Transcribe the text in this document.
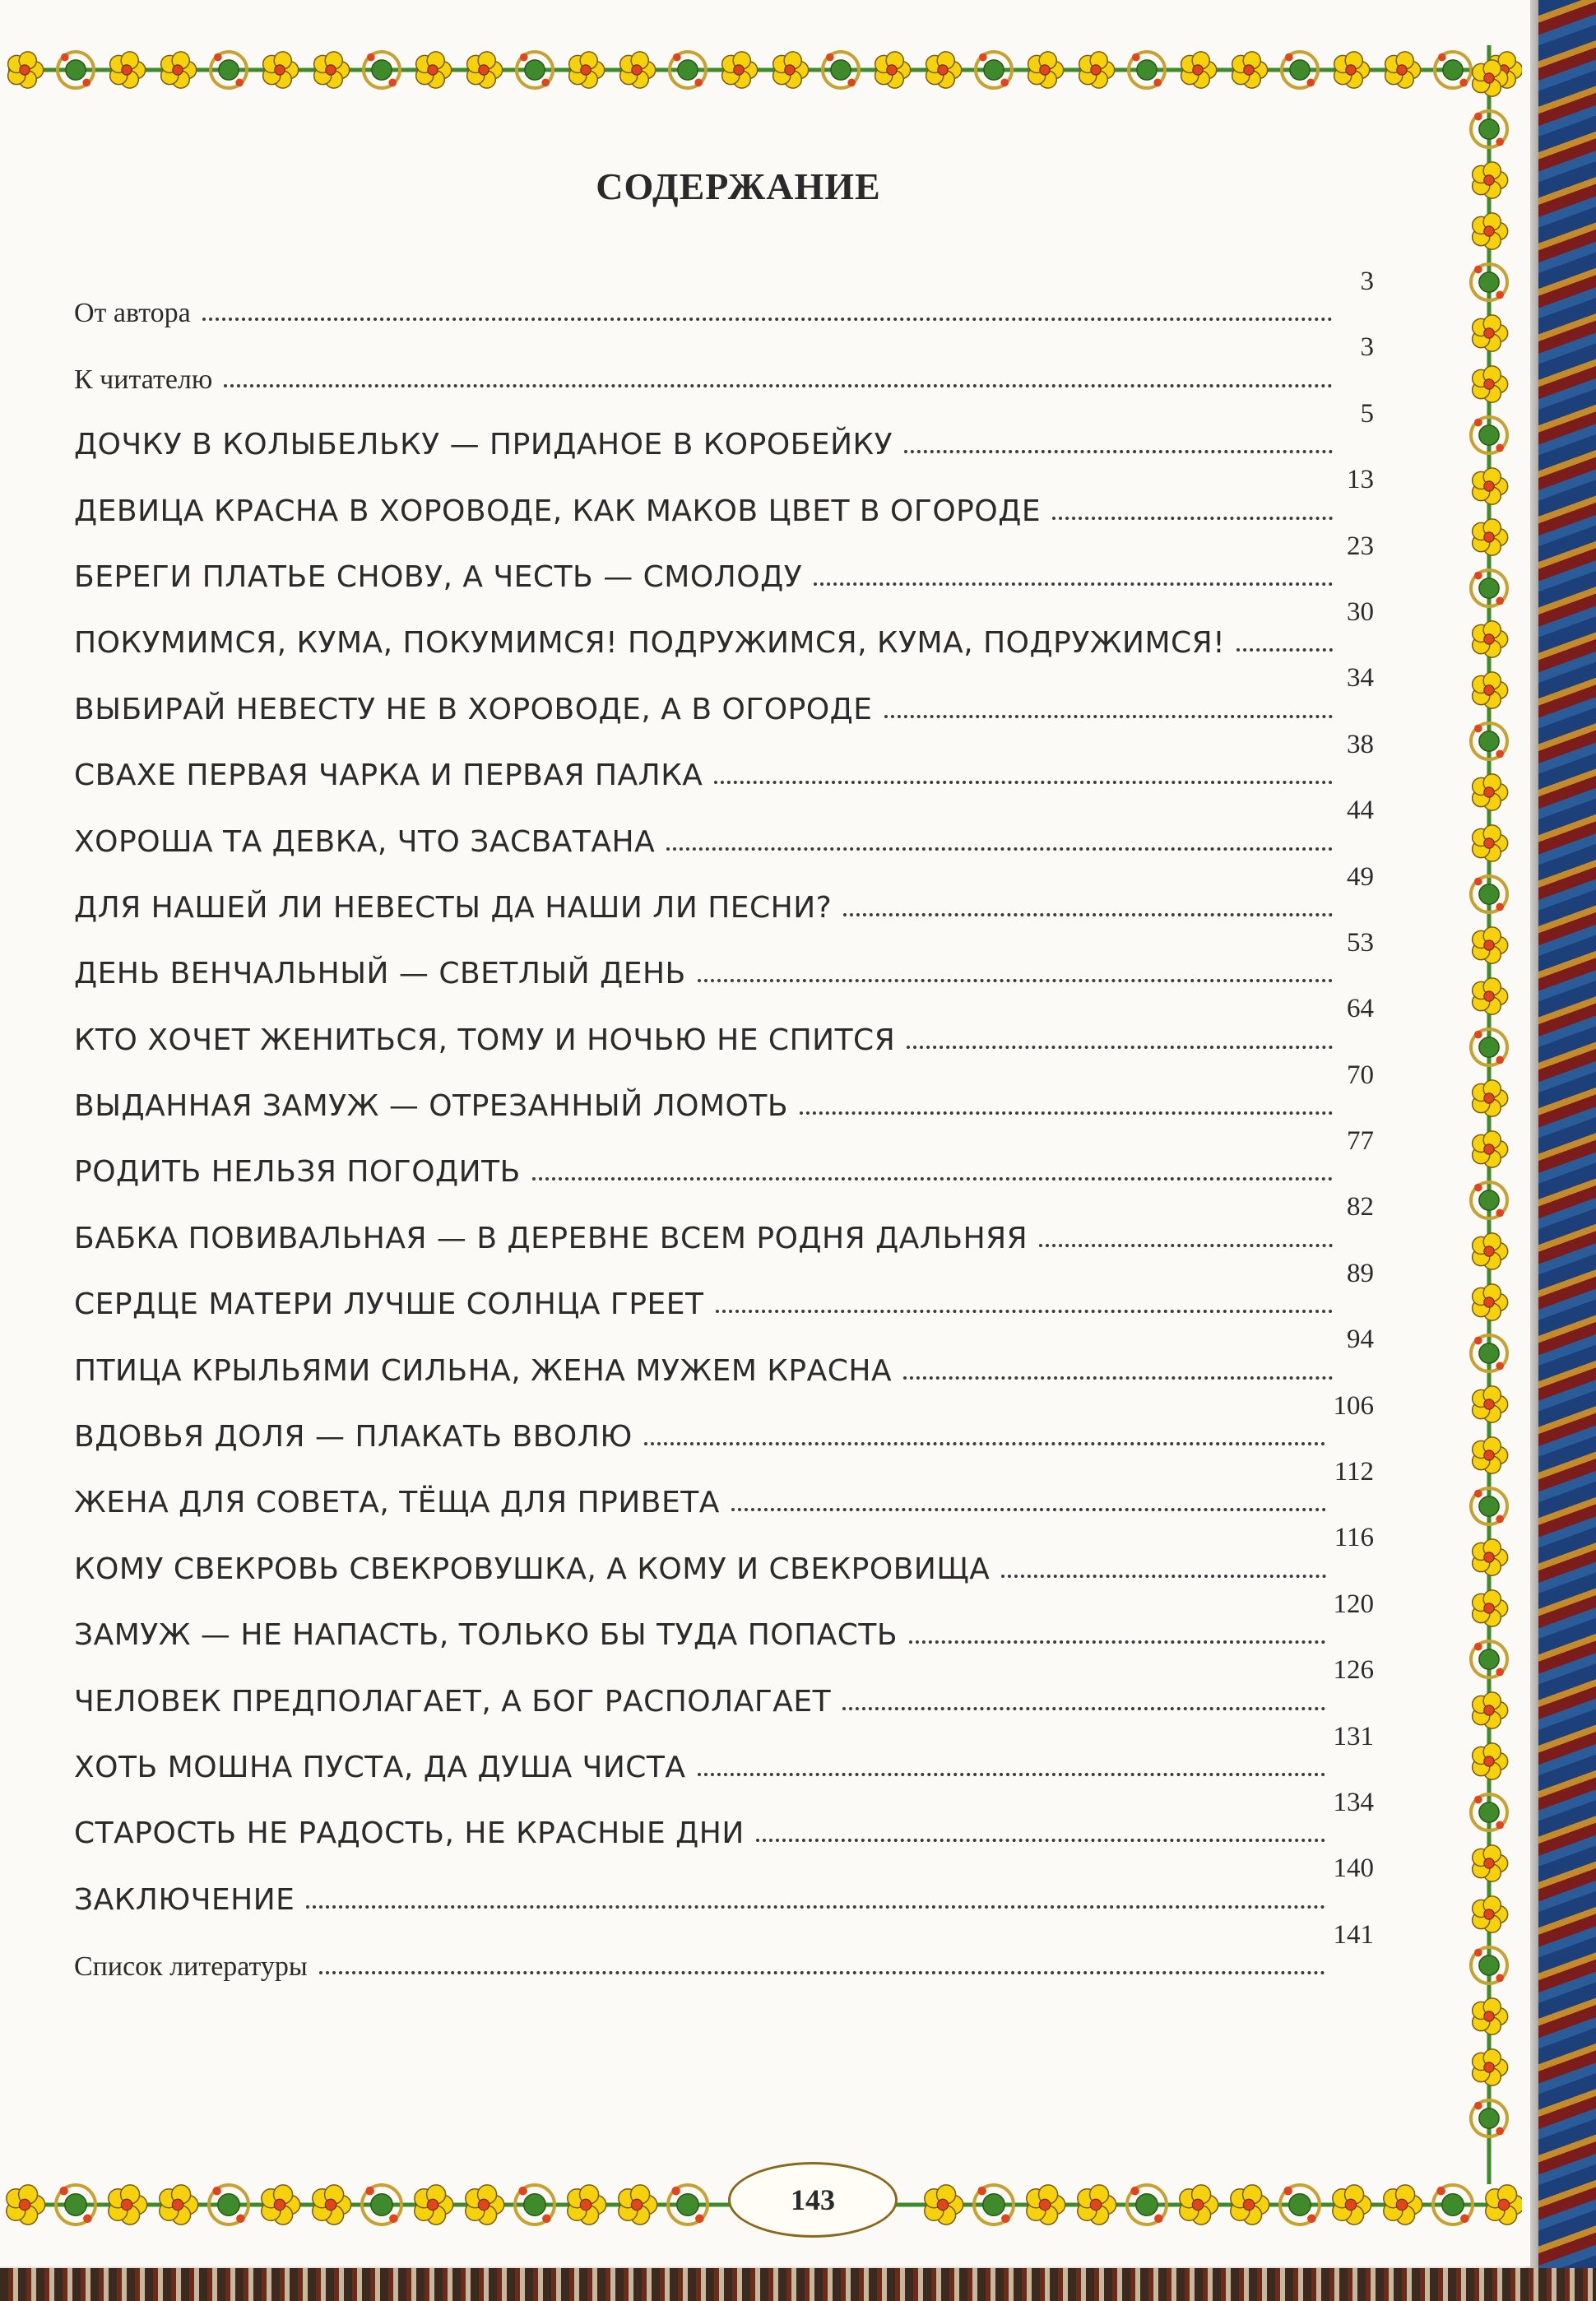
СОДЕРЖАНИЕ
От автора
3
К читателю
3
ДОЧКУ В КОЛЫБЕЛЬКУ — ПРИДАНОЕ В КОРОБЕЙКУ
5
ДЕВИЦА КРАСНА В ХОРОВОДЕ, КАК МАКОВ ЦВЕТ В ОГОРОДЕ
13
БЕРЕГИ ПЛАТЬЕ СНОВУ, А ЧЕСТЬ — СМОЛОДУ
23
ПОКУМИМСЯ, КУМА, ПОКУМИМСЯ! ПОДРУЖИМСЯ, КУМА, ПОДРУЖИМСЯ!
30
ВЫБИРАЙ НЕВЕСТУ НЕ В ХОРОВОДЕ, А В ОГОРОДЕ
34
СВАХЕ ПЕРВАЯ ЧАРКА И ПЕРВАЯ ПАЛКА
38
ХОРОША ТА ДЕВКА, ЧТО ЗАСВАТАНА
44
ДЛЯ НАШЕЙ ЛИ НЕВЕСТЫ ДА НАШИ ЛИ ПЕСНИ?
49
ДЕНЬ ВЕНЧАЛЬНЫЙ — СВЕТЛЫЙ ДЕНЬ
53
КТО ХОЧЕТ ЖЕНИТЬСЯ, ТОМУ И НОЧЬЮ НЕ СПИТСЯ
64
ВЫДАННАЯ ЗАМУЖ — ОТРЕЗАННЫЙ ЛОМОТЬ
70
РОДИТЬ НЕЛЬЗЯ ПОГОДИТЬ
77
БАБКА ПОВИВАЛЬНАЯ — В ДЕРЕВНЕ ВСЕМ РОДНЯ ДАЛЬНЯЯ
82
СЕРДЦЕ МАТЕРИ ЛУЧШЕ СОЛНЦА ГРЕЕТ
89
ПТИЦА КРЫЛЬЯМИ СИЛЬНА, ЖЕНА МУЖЕМ КРАСНА
94
ВДОВЬЯ ДОЛЯ — ПЛАКАТЬ ВВОЛЮ
106
ЖЕНА ДЛЯ СОВЕТА, ТЁЩА ДЛЯ ПРИВЕТА
112
КОМУ СВЕКРОВЬ СВЕКРОВУШКА, А КОМУ И СВЕКРОВИЩА
116
ЗАМУЖ — НЕ НАПАСТЬ, ТОЛЬКО БЫ ТУДА ПОПАСТЬ
120
ЧЕЛОВЕК ПРЕДПОЛАГАЕТ, А БОГ РАСПОЛАГАЕТ
126
ХОТЬ МОШНА ПУСТА, ДА ДУША ЧИСТА
131
СТАРОСТЬ НЕ РАДОСТЬ, НЕ КРАСНЫЕ ДНИ
134
ЗАКЛЮЧЕНИЕ
140
Список литературы
141
143
